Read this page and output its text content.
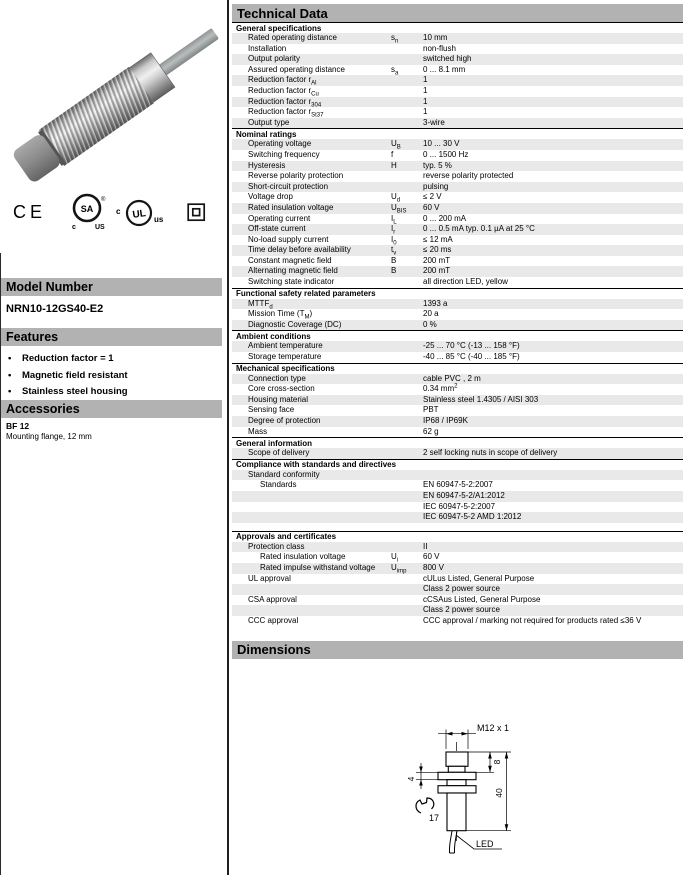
CE	SA
®
c	US
c UL us
Model Number
NRN10-12GS40-E2
Features
•	Reduction factor = 1
•	Magnetic field resistant
•	Stainless steel housing
Accessories
BF 12
Mounting flange, 12 mm
Technical Data
General specifications
Rated operating distance	$s_n$	10 mm
Installation	non-flush
Output polarity	switched high
Assured operating distance	$s_a$	0 ... 8.1 mm
Reduction factor $r_{Al}$	1
Reduction factor $r_{Cu}$	1
Reduction factor $r_{304}$	1
Reduction factor $r_{St37}$	1
Output type	3-wire
Nominal ratings
Operating voltage	$U_B$	10 ... 30 V
Switching frequency	f	0 ... 1500 Hz
Hysteresis	H	typ. 5 %
Reverse polarity protection	reverse polarity protected
Short-circuit protection	pulsing
Voltage drop	$U_d$	≤ 2 V
Rated insulation voltage	$U_{BIS}$	60 V
Operating current	$I_L$	0 ... 200 mA
Off-state current	$I_r$	0 ... 0.5 mA typ. 0.1 µA at 25 °C
No-load supply current	$I_0$	≤ 12 mA
Time delay before availability	$t_v$	≤ 20 ms
Constant magnetic field	B	200 mT
Alternating magnetic field	B	200 mT
Switching state indicator	all direction LED, yellow
Functional safety related parameters
$MTTF_d$	1393 a
Mission Time $(T_M)$	20 a
Diagnostic Coverage (DC)	0 %
Ambient conditions
Ambient temperature	-25 ... 70 °C (-13 ... 158 °F)
Storage temperature	-40 ... 85 °C (-40 ... 185 °F)
Mechanical specifications
Connection type	cable PVC , 2 m
Core cross-section	0.34 $mm^2$
Housing material	Stainless steel 1.4305 / AISI 303
Sensing face	PBT
Degree of protection	IP68 / IP69K
Mass	62 g
General information
Scope of delivery	2 self locking nuts in scope of delivery
Compliance with standards and directives
Standard conformity
Standards	EN 60947-5-2:2007
EN 60947-5-2/A1:2012
IEC 60947-5-2:2007
IEC 60947-5-2 AMD 1:2012
Approvals and certificates
Protection class	II
Rated insulation voltage	$U_i$	60 V
Rated impulse withstand voltage	$U_{imp}$	800 V
UL approval	cULus Listed, General Purpose
Class 2 power source
CSA approval	cCSAus Listed, General Purpose
Class 2 power source
CCC approval	CCC approval / marking not required for products rated ≤36 V
Dimensions
M12 x 1
8
40
4
17
LED
